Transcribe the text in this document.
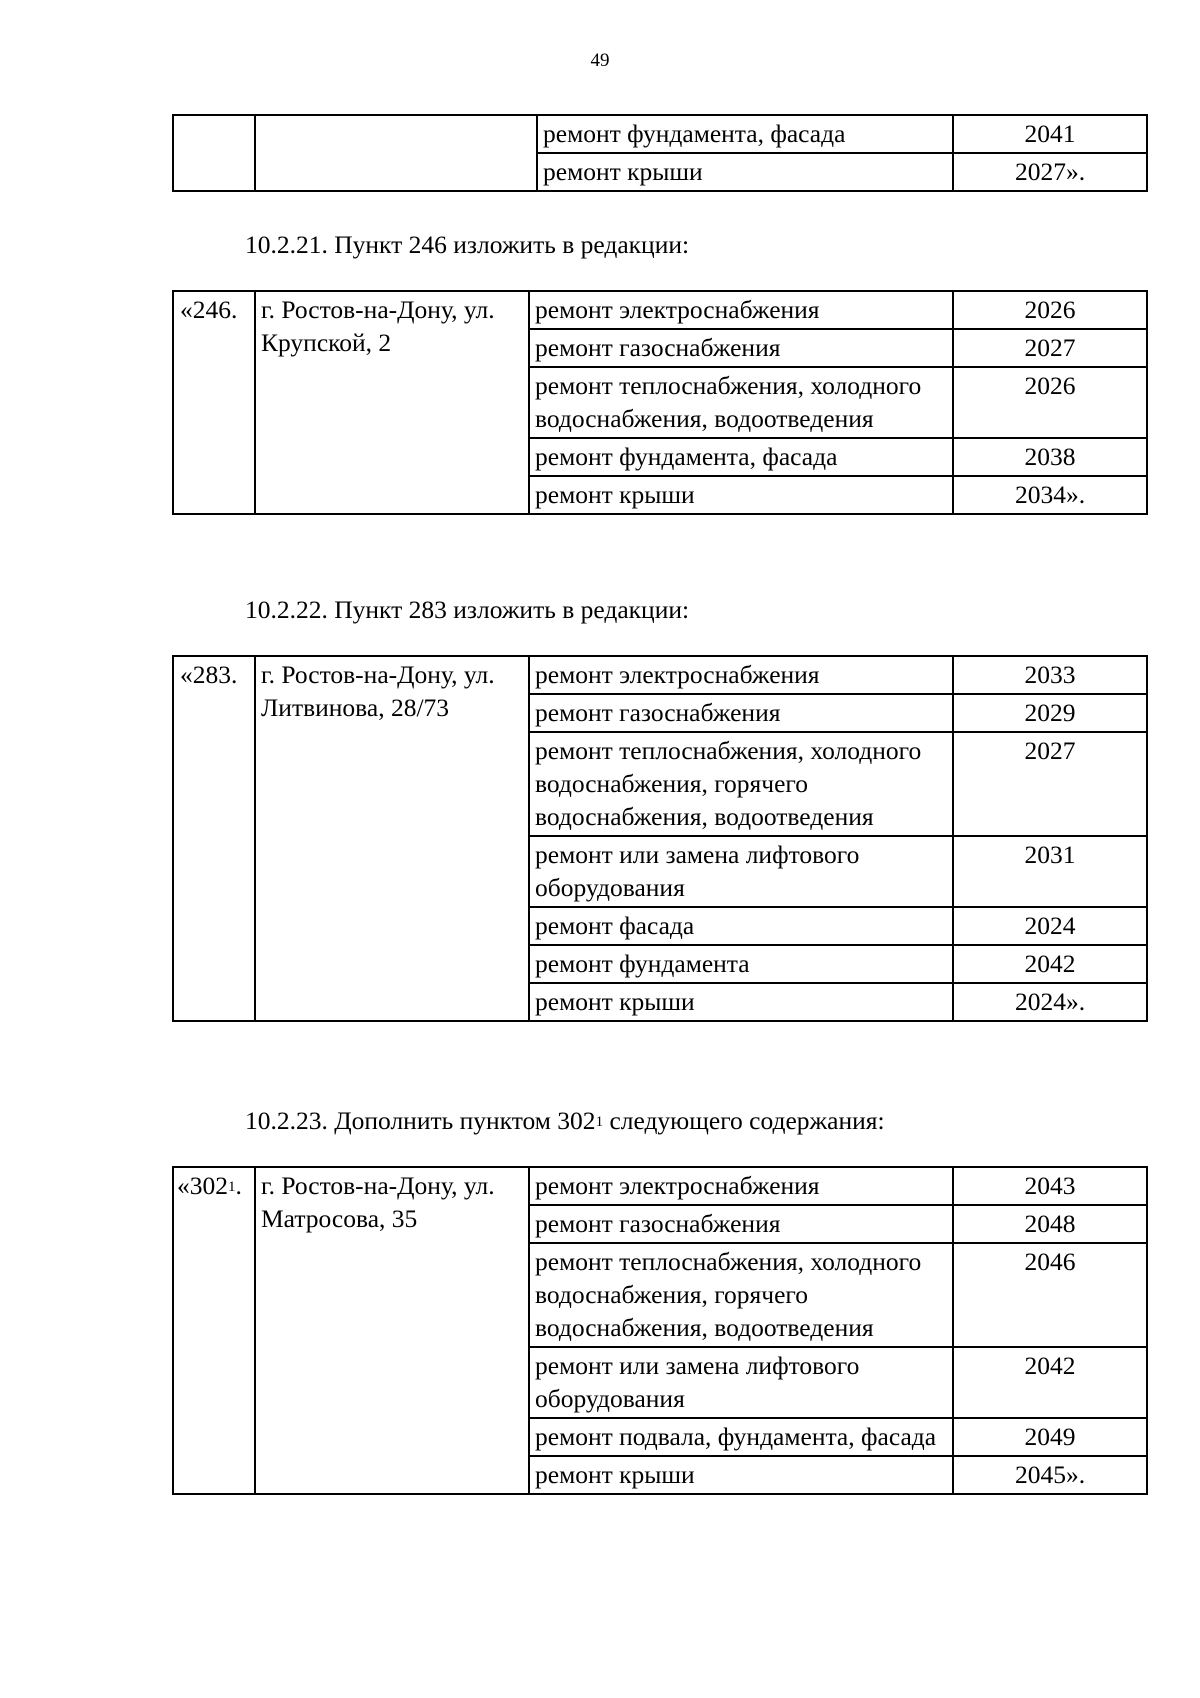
49
		ремонт фундамента, фасада	2041
		ремонт крыши	2027».
10.2.21. Пункт 246 изложить в редакции:
«246.	г. Ростов-на-Дону, ул. Крупской, 2	ремонт электроснабжения	2026
		ремонт газоснабжения	2027
		ремонт теплоснабжения, холодного водоснабжения, водоотведения	2026
		ремонт фундамента, фасада	2038
		ремонт крыши	2034».
10.2.22. Пункт 283 изложить в редакции:
«283.	г. Ростов-на-Дону, ул. Литвинова, 28/73	ремонт электроснабжения	2033
		ремонт газоснабжения	2029
		ремонт теплоснабжения, холодного водоснабжения, горячего водоснабжения, водоотведения	2027
		ремонт или замена лифтового оборудования	2031
		ремонт фасада	2024
		ремонт фундамента	2042
		ремонт крыши	2024».
10.2.23. Дополнить пунктом $302^1$ следующего содержания:
«$302^1$.	г. Ростов-на-Дону, ул. Матросова, 35	ремонт электроснабжения	2043
		ремонт газоснабжения	2048
		ремонт теплоснабжения, холодного водоснабжения, горячего водоснабжения, водоотведения	2046
		ремонт или замена лифтового оборудования	2042
		ремонт подвала, фундамента, фасада	2049
		ремонт крыши	2045».
